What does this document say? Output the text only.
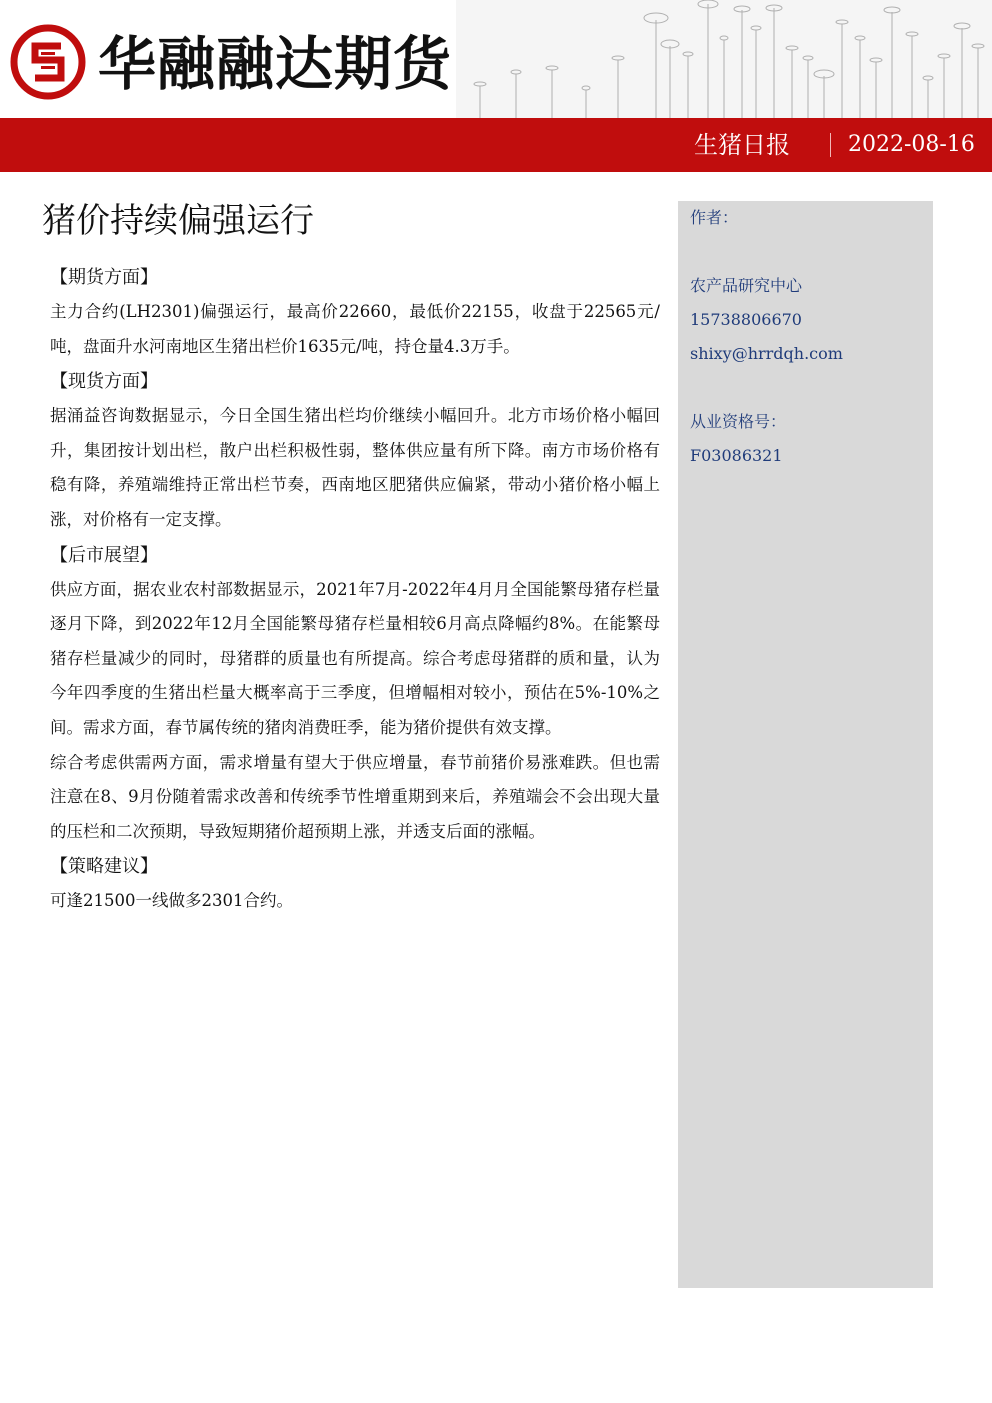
华融融达期货
生猪日报	2022-08-16
猪价持续偏强运行

【期货方面】

主力合约(LH2301)偏强运行，最高价22660，最低价22155，收盘于22565元/吨，盘面升水河南地区生猪出栏价1635元/吨，持仓量4.3万手。

【现货方面】

据涌益咨询数据显示，今日全国生猪出栏均价继续小幅回升。北方市场价格小幅回升，集团按计划出栏，散户出栏积极性弱，整体供应量有所下降。南方市场价格有稳有降，养殖端维持正常出栏节奏，西南地区肥猪供应偏紧，带动小猪价格小幅上涨，对价格有一定支撑。

【后市展望】

供应方面，据农业农村部数据显示，2021年7月-2022年4月月全国能繁母猪存栏量逐月下降，到2022年12月全国能繁母猪存栏量相较6月高点降幅约8%。在能繁母猪存栏量减少的同时，母猪群的质量也有所提高。综合考虑母猪群的质和量，认为今年四季度的生猪出栏量大概率高于三季度，但增幅相对较小，预估在5%-10%之间。需求方面，春节属传统的猪肉消费旺季，能为猪价提供有效支撑。

综合考虑供需两方面，需求增量有望大于供应增量，春节前猪价易涨难跌。但也需注意在8、9月份随着需求改善和传统季节性增重期到来后，养殖端会不会出现大量的压栏和二次预期，导致短期猪价超预期上涨，并透支后面的涨幅。

【策略建议】

可逢21500一线做多2301合约。

作者：
农产品研究中心
15738806670
shixy@hrrdqh.com
从业资格号：
F03086321
